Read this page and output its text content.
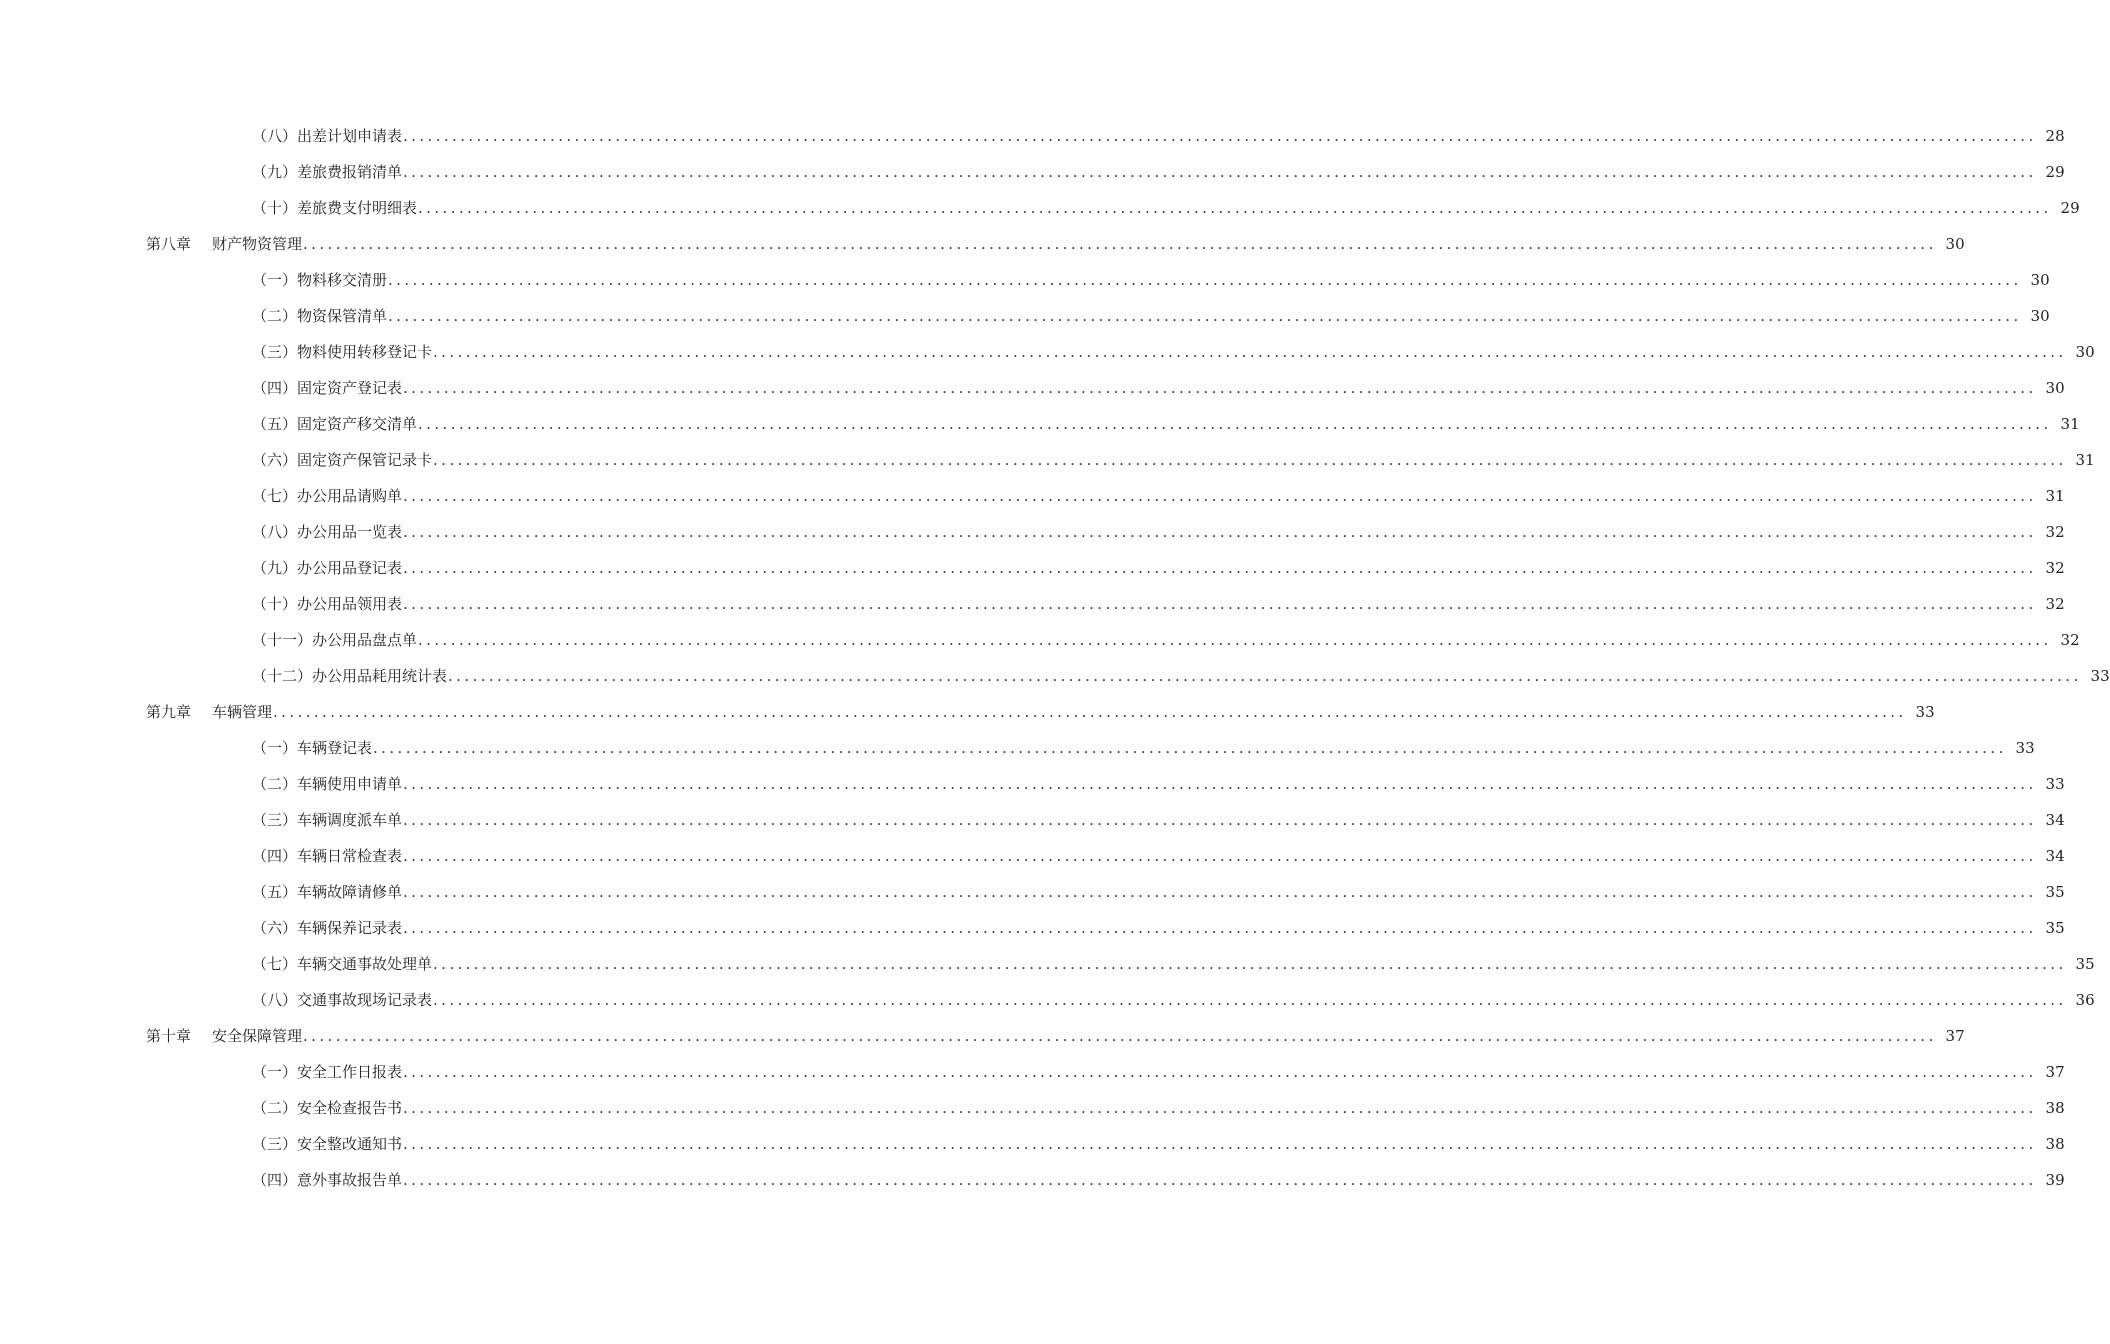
（八）出差计划申请表 ........................................................................................................................................................................................................ 28
（九）差旅费报销清单 ........................................................................................................................................................................................................ 29
（十）差旅费支付明细表 ........................................................................................................................................................................................................ 29
第八章 财产物资管理 ........................................................................................................................................................................................................ 30
（一）物料移交清册 ........................................................................................................................................................................................................ 30
（二）物资保管清单 ........................................................................................................................................................................................................ 30
（三）物料使用转移登记卡 ........................................................................................................................................................................................................ 30
（四）固定资产登记表 ........................................................................................................................................................................................................ 30
（五）固定资产移交清单 ........................................................................................................................................................................................................ 31
（六）固定资产保管记录卡 ........................................................................................................................................................................................................ 31
（七）办公用品请购单 ........................................................................................................................................................................................................ 31
（八）办公用品一览表 ........................................................................................................................................................................................................ 32
（九）办公用品登记表 ........................................................................................................................................................................................................ 32
（十）办公用品领用表 ........................................................................................................................................................................................................ 32
（十一）办公用品盘点单 ........................................................................................................................................................................................................ 32
（十二）办公用品耗用统计表 ........................................................................................................................................................................................................ 33
第九章 车辆管理 ........................................................................................................................................................................................................ 33
（一）车辆登记表 ........................................................................................................................................................................................................ 33
（二）车辆使用申请单 ........................................................................................................................................................................................................ 33
（三）车辆调度派车单 ........................................................................................................................................................................................................ 34
（四）车辆日常检查表 ........................................................................................................................................................................................................ 34
（五）车辆故障请修单 ........................................................................................................................................................................................................ 35
（六）车辆保养记录表 ........................................................................................................................................................................................................ 35
（七）车辆交通事故处理单 ........................................................................................................................................................................................................ 35
（八）交通事故现场记录表 ........................................................................................................................................................................................................ 36
第十章 安全保障管理 ........................................................................................................................................................................................................ 37
（一）安全工作日报表 ........................................................................................................................................................................................................ 37
（二）安全检查报告书 ........................................................................................................................................................................................................ 38
（三）安全整改通知书 ........................................................................................................................................................................................................ 38
（四）意外事故报告单 ........................................................................................................................................................................................................ 39
